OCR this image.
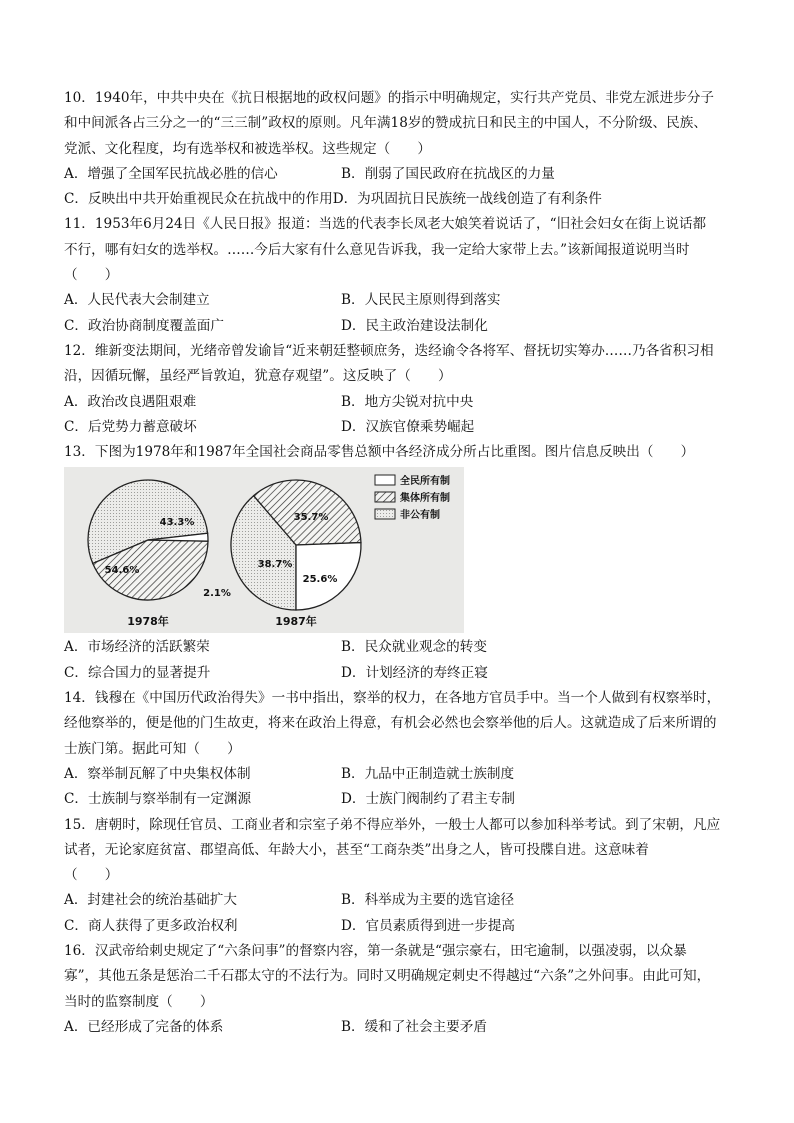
10．1940年，中共中央在《抗日根据地的政权问题》的指示中明确规定，实行共产党员、非党左派进步分子

和中间派各占三分之一的“三三制”政权的原则。凡年满18岁的赞成抗日和民主的中国人，不分阶级、民族、

党派、文化程度，均有选举权和被选举权。这些规定（　　）

A．增强了全国军民抗战必胜的信心	B．削弱了国民政府在抗战区的力量
C．反映出中共开始重视民众在抗战中的作用 D．为巩固抗日民族统一战线创造了有利条件

11．1953年6月24日《人民日报》报道：当选的代表李长凤老大娘笑着说话了，“旧社会妇女在街上说话都

不行，哪有妇女的选举权。……今后大家有什么意见告诉我，我一定给大家带上去。”该新闻报道说明当时

（　　）

A．人民代表大会制建立	B．人民民主原则得到落实
C．政治协商制度覆盖面广	D．民主政治建设法制化

12．维新变法期间，光绪帝曾发谕旨“近来朝廷整顿庶务，迭经谕令各将军、督抚切实筹办……乃各省积习相

沿，因循玩懈，虽经严旨敦迫，犹意存观望”。这反映了（　　）

A．政治改良遇阻艰难	B．地方尖锐对抗中央
C．后党势力蓄意破坏	D．汉族官僚乘势崛起

13．下图为1978年和1987年全国社会商品零售总额中各经济成分所占比重图。图片信息反映出（　　）

54.6%
43.3%
2.1%
1978年
38.7%
35.7%
25.6%
1987年
全民所有制
集体所有制
非公有制
A．市场经济的活跃繁荣	B．民众就业观念的转变
C．综合国力的显著提升	D．计划经济的寿终正寝

14．钱穆在《中国历代政治得失》一书中指出，察举的权力，在各地方官员手中。当一个人做到有权察举时，

经他察举的，便是他的门生故吏，将来在政治上得意，有机会必然也会察举他的后人。这就造成了后来所谓的

士族门第。据此可知（　　）

A．察举制瓦解了中央集权体制	B．九品中正制造就士族制度
C．士族制与察举制有一定渊源	D．士族门阀制约了君主专制

15．唐朝时，除现任官员、工商业者和宗室子弟不得应举外，一般士人都可以参加科举考试。到了宋朝，凡应

试者，无论家庭贫富、郡望高低、年龄大小，甚至“工商杂类”出身之人，皆可投牒自进。这意味着

（　　）

A．封建社会的统治基础扩大	B．科举成为主要的选官途径
C．商人获得了更多政治权利	D．官员素质得到进一步提高

16．汉武帝给刺史规定了“六条问事”的督察内容，第一条就是“强宗豪右，田宅逾制，以强凌弱，以众暴

寡”，其他五条是惩治二千石郡太守的不法行为。同时又明确规定刺史不得越过“六条”之外问事。由此可知，

当时的监察制度（　　）

A．已经形成了完备的体系	B．缓和了社会主要矛盾
